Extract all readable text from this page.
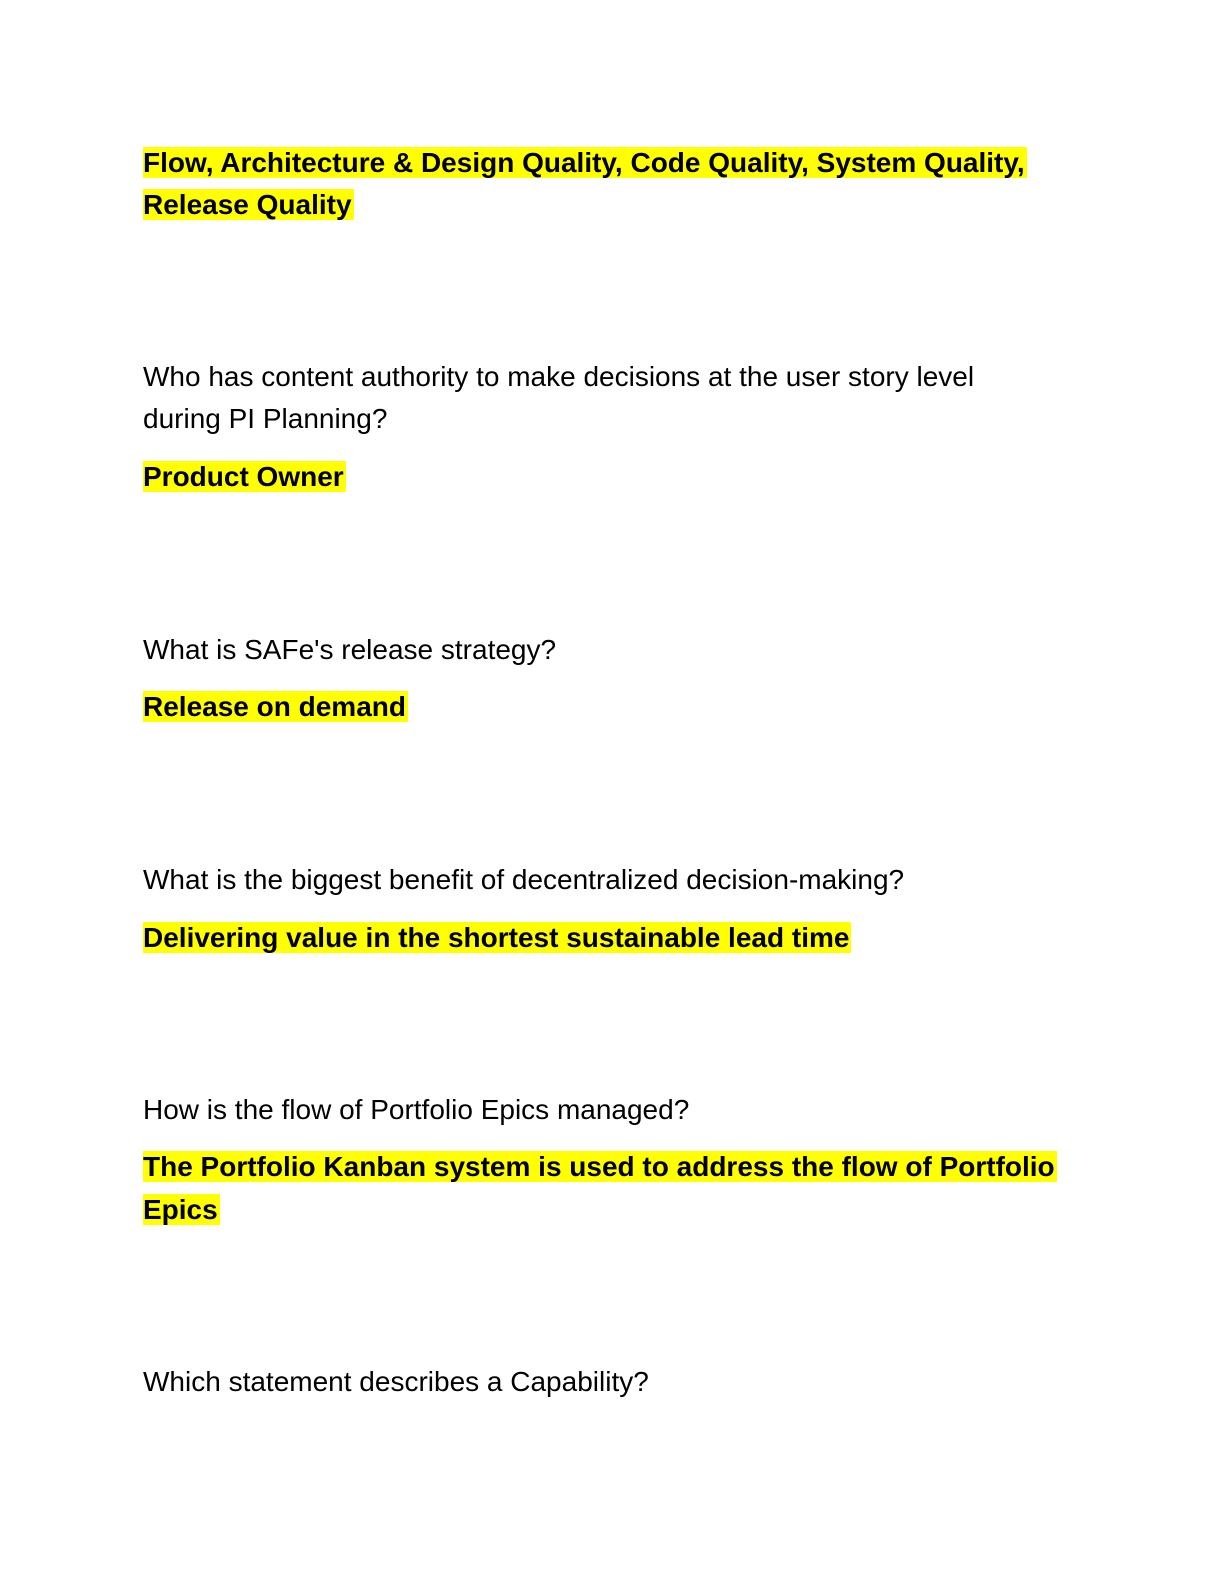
Flow, Architecture & Design Quality, Code Quality, System Quality,

Release Quality

Who has content authority to make decisions at the user story level

during PI Planning?

Product Owner

What is SAFe's release strategy?

Release on demand

What is the biggest benefit of decentralized decision-making?

Delivering value in the shortest sustainable lead time

How is the flow of Portfolio Epics managed?

The Portfolio Kanban system is used to address the flow of Portfolio

Epics

Which statement describes a Capability?
